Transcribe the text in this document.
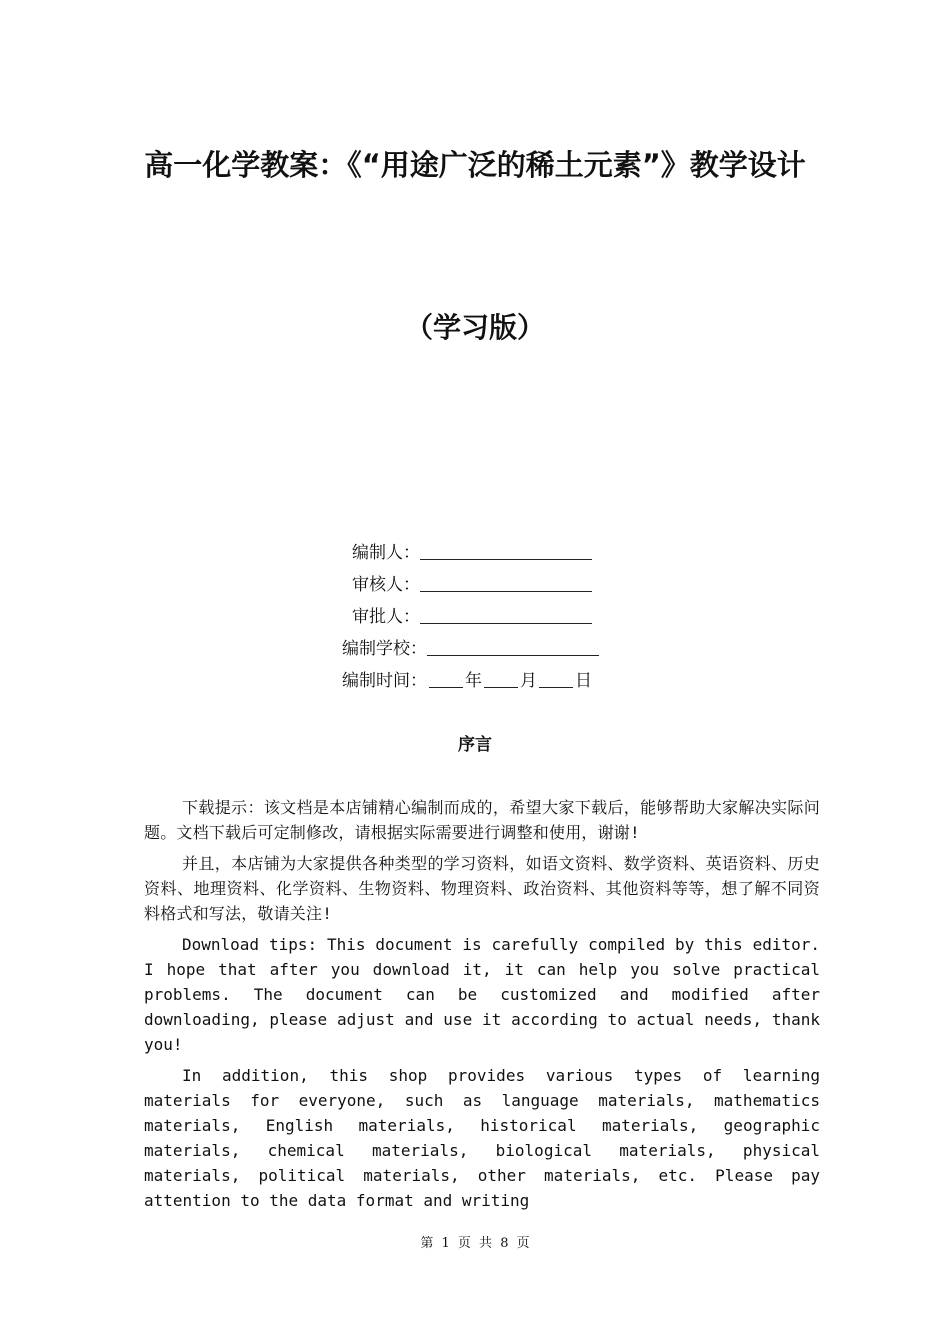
高一化学教案：《“用途广泛的稀土元素”》教学设计
（学习版）
编制人：
审核人：
审批人：
编制学校：
编制时间： 年 月 日
序言

下载提示：该文档是本店铺精心编制而成的，希望大家下载后，能够帮助大家解决实际问题。文档下载后可定制修改，请根据实际需要进行调整和使用，谢谢!

并且，本店铺为大家提供各种类型的学习资料，如语文资料、数学资料、英语资料、历史资料、地理资料、化学资料、生物资料、物理资料、政治资料、其他资料等等，想了解不同资料格式和写法，敬请关注!

Download tips: This document is carefully compiled by this editor. I hope that after you download it, it can help you solve practical problems. The document can be customized and modified after downloading, please adjust and use it according to actual needs, thank you!

In addition, this shop provides various types of learning materials for everyone, such as language materials, mathematics materials, English materials, historical materials, geographic materials, chemical materials, biological materials, physical materials, political materials, other materials, etc. Please pay attention to the data format and writing

第 1 页 共 8 页
